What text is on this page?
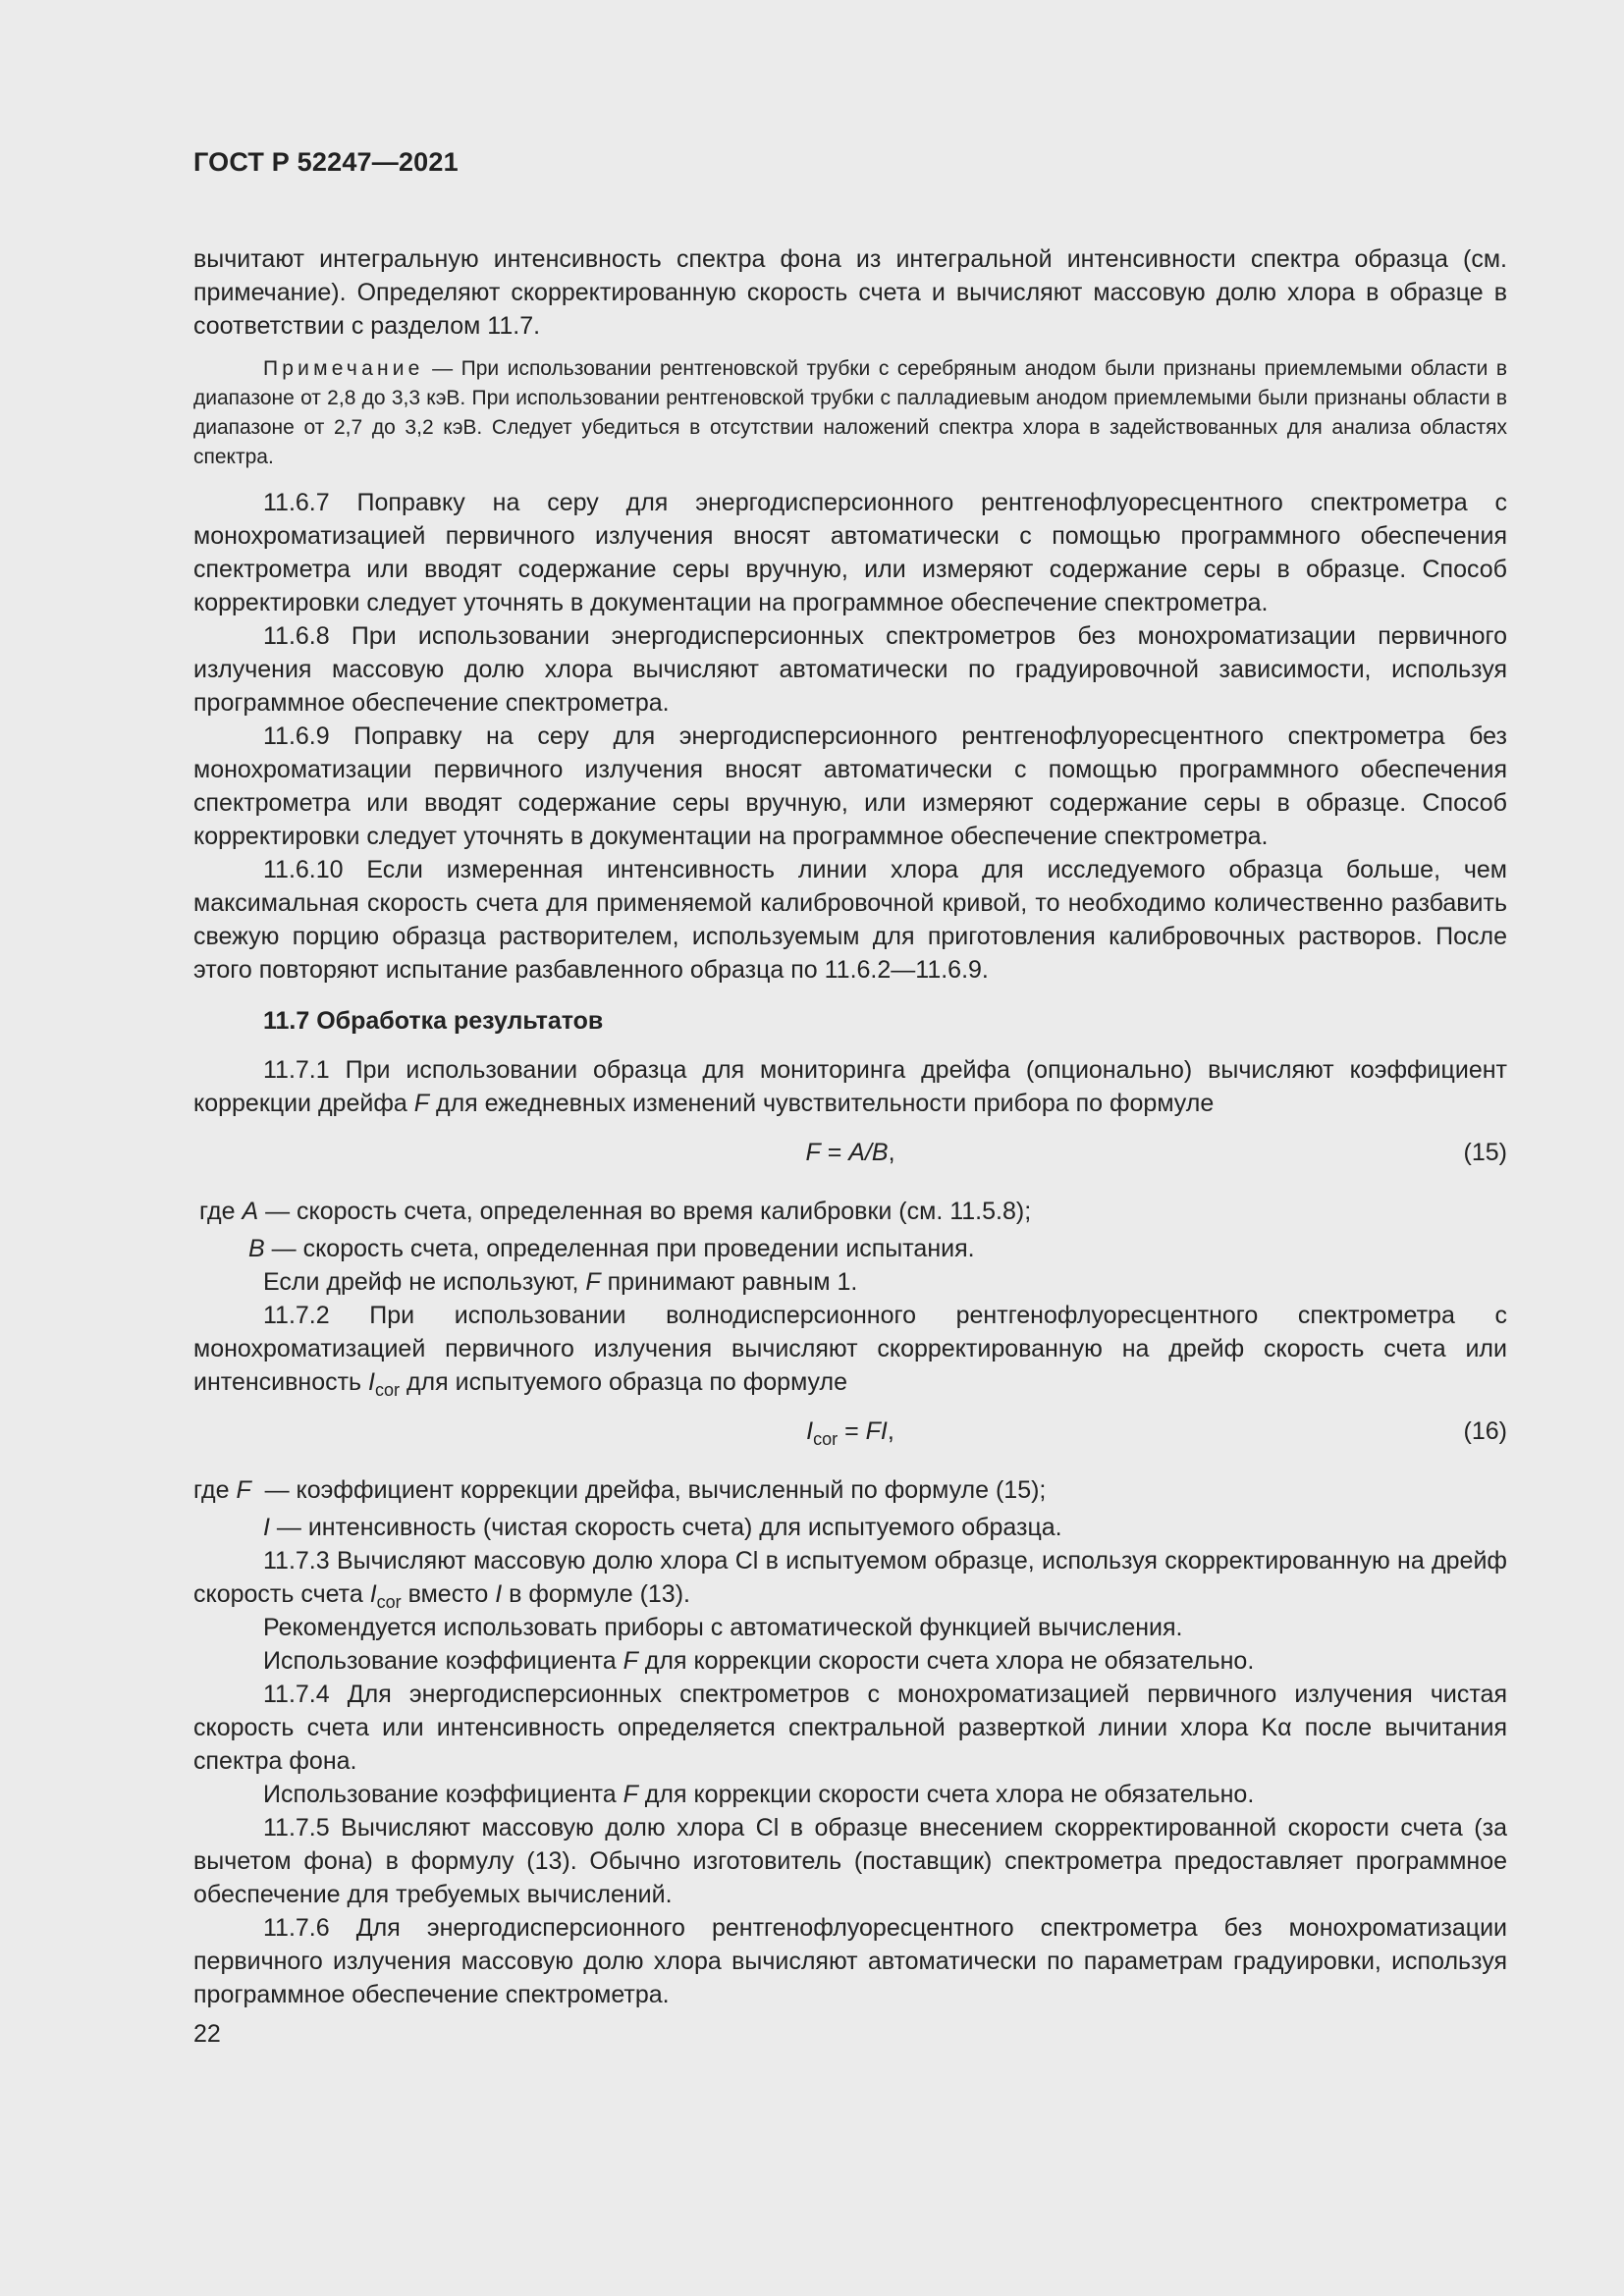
ГОСТ Р 52247—2021

вычитают интегральную интенсивность спектра фона из интегральной интенсивности спектра образца (см. примечание). Определяют скорректированную скорость счета и вычисляют массовую долю хлора в образце в соответствии с разделом 11.7.

Примечание — При использовании рентгеновской трубки с серебряным анодом были признаны приемлемыми области в диапазоне от 2,8 до 3,3 кэВ. При использовании рентгеновской трубки с палладиевым анодом приемлемыми были признаны области в диапазоне от 2,7 до 3,2 кэВ. Следует убедиться в отсутствии наложений спектра хлора в задействованных для анализа областях спектра.

11.6.7 Поправку на серу для энергодисперсионного рентгенофлуоресцентного спектрометра с монохроматизацией первичного излучения вносят автоматически с помощью программного обеспечения спектрометра или вводят содержание серы вручную, или измеряют содержание серы в образце. Способ корректировки следует уточнять в документации на программное обеспечение спектрометра.

11.6.8 При использовании энергодисперсионных спектрометров без монохроматизации первичного излучения массовую долю хлора вычисляют автоматически по градуировочной зависимости, используя программное обеспечение спектрометра.

11.6.9 Поправку на серу для энергодисперсионного рентгенофлуоресцентного спектрометра без монохроматизации первичного излучения вносят автоматически с помощью программного обеспечения спектрометра или вводят содержание серы вручную, или измеряют содержание серы в образце. Способ корректировки следует уточнять в документации на программное обеспечение спектрометра.

11.6.10 Если измеренная интенсивность линии хлора для исследуемого образца больше, чем максимальная скорость счета для применяемой калибровочной кривой, то необходимо количественно разбавить свежую порцию образца растворителем, используемым для приготовления калибровочных растворов. После этого повторяют испытание разбавленного образца по 11.6.2—11.6.9.

11.7 Обработка результатов

11.7.1 При использовании образца для мониторинга дрейфа (опционально) вычисляют коэффициент коррекции дрейфа F для ежедневных изменений чувствительности прибора по формуле

F = A/B,	(15)

где A — скорость счета, определенная во время калибровки (см. 11.5.8);

B — скорость счета, определенная при проведении испытания.

Если дрейф не используют, F принимают равным 1.

11.7.2 При использовании волнодисперсионного рентгенофлуоресцентного спектрометра с монохроматизацией первичного излучения вычисляют скорректированную на дрейф скорость счета или интенсивность $I_{cor}$ для испытуемого образца по формуле

$I_{cor}$ = FI,	(16)

где F  — коэффициент коррекции дрейфа, вычисленный по формуле (15);

I — интенсивность (чистая скорость счета) для испытуемого образца.

11.7.3 Вычисляют массовую долю хлора Cl в испытуемом образце, используя скорректированную на дрейф скорость счета $I_{cor}$ вместо I в формуле (13).

Рекомендуется использовать приборы с автоматической функцией вычисления.

Использование коэффициента F для коррекции скорости счета хлора не обязательно.

11.7.4 Для энергодисперсионных спектрометров с монохроматизацией первичного излучения чистая скорость счета или интенсивность определяется спектральной разверткой линии хлора Kα после вычитания спектра фона.

Использование коэффициента F для коррекции скорости счета хлора не обязательно.

11.7.5 Вычисляют массовую долю хлора Cl в образце внесением скорректированной скорости счета (за вычетом фона) в формулу (13). Обычно изготовитель (поставщик) спектрометра предоставляет программное обеспечение для требуемых вычислений.

11.7.6 Для энергодисперсионного рентгенофлуоресцентного спектрометра без монохроматизации первичного излучения массовую долю хлора вычисляют автоматически по параметрам градуировки, используя программное обеспечение спектрометра.

22
